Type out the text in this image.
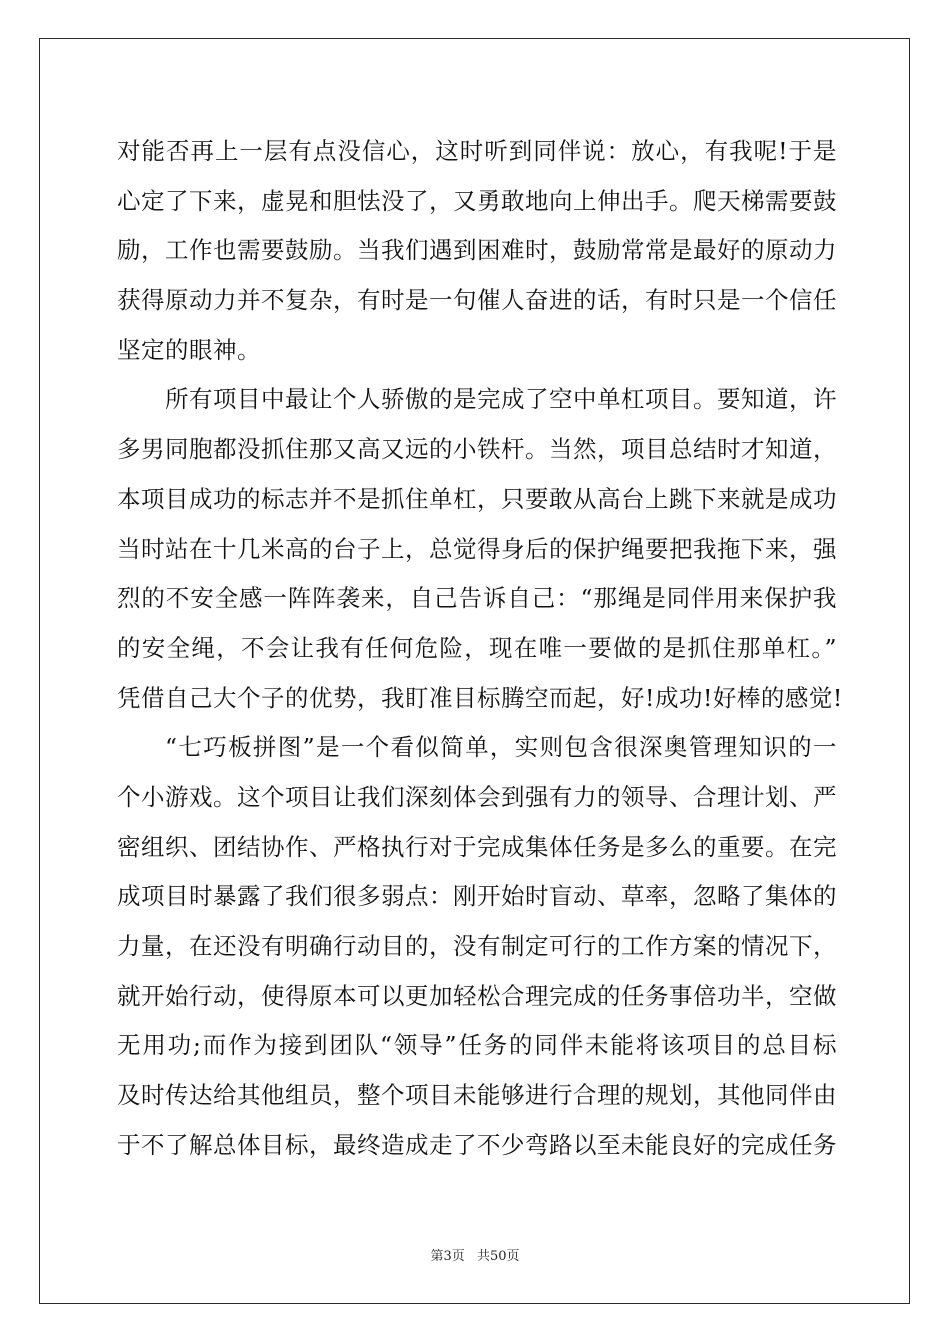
对能否再上一层有点没信心，这时听到同伴说：放心，有我呢!于是
心定了下来，虚晃和胆怯没了，又勇敢地向上伸出手。爬天梯需要鼓
励，工作也需要鼓励。当我们遇到困难时，鼓励常常是最好的原动力
获得原动力并不复杂，有时是一句催人奋进的话，有时只是一个信任
坚定的眼神。
所有项目中最让个人骄傲的是完成了空中单杠项目。要知道，许
多男同胞都没抓住那又高又远的小铁杆。当然，项目总结时才知道，
本项目成功的标志并不是抓住单杠，只要敢从高台上跳下来就是成功
当时站在十几米高的台子上，总觉得身后的保护绳要把我拖下来，强
烈的不安全感一阵阵袭来，自己告诉自己：“那绳是同伴用来保护我
的安全绳，不会让我有任何危险，现在唯一要做的是抓住那单杠。”
凭借自己大个子的优势，我盯准目标腾空而起，好!成功!好棒的感觉!
“七巧板拼图”是一个看似简单，实则包含很深奥管理知识的一
个小游戏。这个项目让我们深刻体会到强有力的领导、合理计划、严
密组织、团结协作、严格执行对于完成集体任务是多么的重要。在完
成项目时暴露了我们很多弱点：刚开始时盲动、草率，忽略了集体的
力量，在还没有明确行动目的，没有制定可行的工作方案的情况下，
就开始行动，使得原本可以更加轻松合理完成的任务事倍功半，空做
无用功;而作为接到团队“领导”任务的同伴未能将该项目的总目标
及时传达给其他组员，整个项目未能够进行合理的规划，其他同伴由
于不了解总体目标，最终造成走了不少弯路以至未能良好的完成任务
第3页 共50页
